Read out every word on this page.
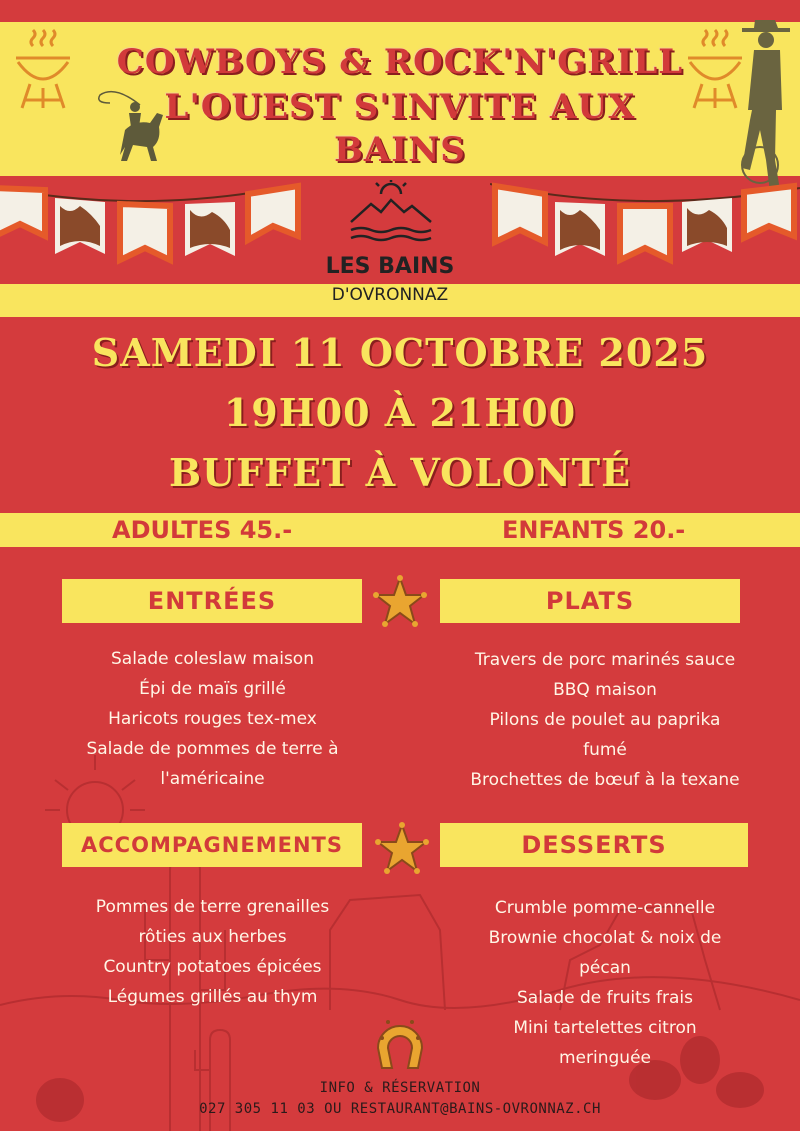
COWBOYS & ROCK'N'GRILL
L'OUEST S'INVITE AUX
BAINS
LES BAINS
D'OVRONNAZ
SAMEDI 11 OCTOBRE 2025
19H00 À 21H00
BUFFET À VOLONTÉ
ADULTES 45.-	ENFANTS 20.-
ENTRÉES	PLATS
ACCOMPAGNEMENTS	DESSERTS
Salade coleslaw maison
Épi de maïs grillé
Haricots rouges tex-mex
Salade de pommes de terre à
l'américaine
Travers de porc marinés sauce
BBQ maison
Pilons de poulet au paprika
fumé
Brochettes de bœuf à la texane
Pommes de terre grenailles
rôties aux herbes
Country potatoes épicées
Légumes grillés au thym
Crumble pomme-cannelle
Brownie chocolat & noix de
pécan
Salade de fruits frais
Mini tartelettes citron
meringuée
INFO & RÉSERVATION
027 305 11 03 OU RESTAURANT@BAINS-OVRONNAZ.CH
